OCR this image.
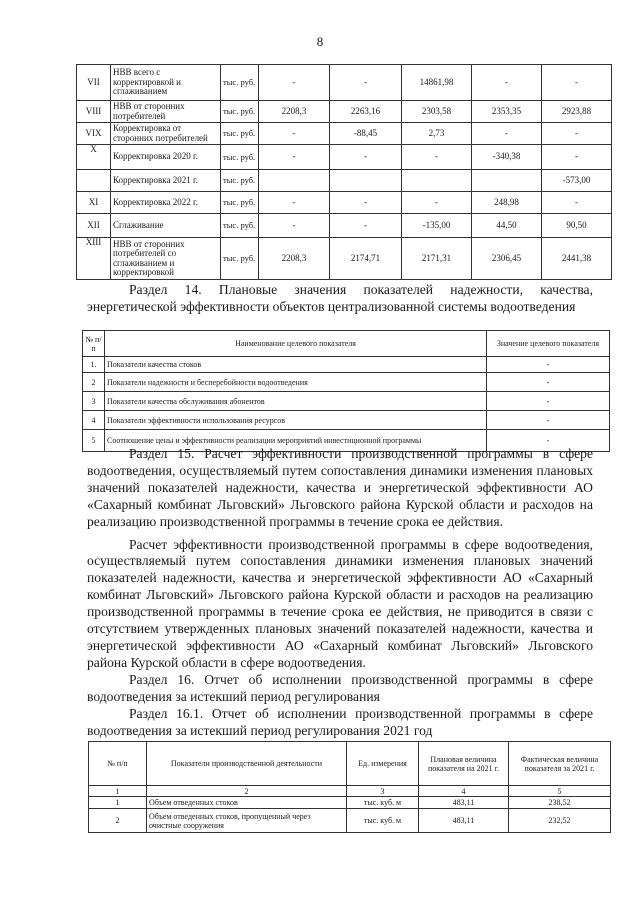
8
VII	НВВ всего с корректировкой и сглаживанием	тыс. руб.	-	-	14861,98	-	-
VIII	НВВ от сторонних потребителей	тыс. руб.	2208,3	2263,16	2303,58	2353,35	2923,88
VIX	Корректировка от сторонних потребителей	тыс. руб.	-	-88,45	2,73	-	-
X	Корректировка 2020 г.	тыс. руб.	-	-	-	-340,38	-
	Корректировка 2021 г.	тыс. руб.					-573,00
XI	Корректировка 2022 г.	тыс. руб.	-	-	-	248,98	-
XII	Сглаживание	тыс. руб.	-	-	-135,00	44,50	90,50
XIII	НВВ от сторонних потребителей со сглаживанием и корректировкой	тыс. руб.	2208,3	2174,71	2171,31	2306,45	2441,38

Раздел 14. Плановые значения показателей надежности, качества, энергетической эффективности объектов централизованной системы водоотведения

№ п/п	Наименование целевого показателя	Значение целевого показателя
1.	Показатели качества стоков	-
2	Показатели надежности и бесперебойности водоотведения	-
3	Показатели качества обслуживания абонентов	-
4	Показатели эффективности использования ресурсов	-
5	Соотношение цены и эффективности реализации мероприятий инвестиционной программы	-

Раздел 15. Расчет эффективности производственной программы в сфере водоотведения, осуществляемый путем сопоставления динамики изменения плановых значений показателей надежности, качества и энергетической эффективности АО «Сахарный комбинат Льговский» Льговского района Курской области и расходов на реализацию производственной программы в течение срока ее действия.

Расчет эффективности производственной программы в сфере водоотведения, осуществляемый путем сопоставления динамики изменения плановых значений показателей надежности, качества и энергетической эффективности АО «Сахарный комбинат Льговский» Льговского района Курской области и расходов на реализацию производственной программы в течение срока ее действия, не приводится в связи с отсутствием утвержденных плановых значений показателей надежности, качества и энергетической эффективности АО «Сахарный комбинат Льговский» Льговского района Курской области в сфере водоотведения.

Раздел 16. Отчет об исполнении производственной программы в сфере водоотведения за истекший период регулирования

Раздел 16.1. Отчет об исполнении производственной программы в сфере водоотведения за истекший период регулирования 2021 год

№ п/п	Показатели производственной деятельности	Ед. измерения	Плановая величина показателя на 2021 г.	Фактическая величина показателя за 2021 г.
1	2	3	4	5
1	Объем отведенных стоков	тыс. куб. м	483,11	238,52
2	Объем отведенных стоков, пропущенный через очистные сооружения	тыс. куб. м	483,11	232,52
